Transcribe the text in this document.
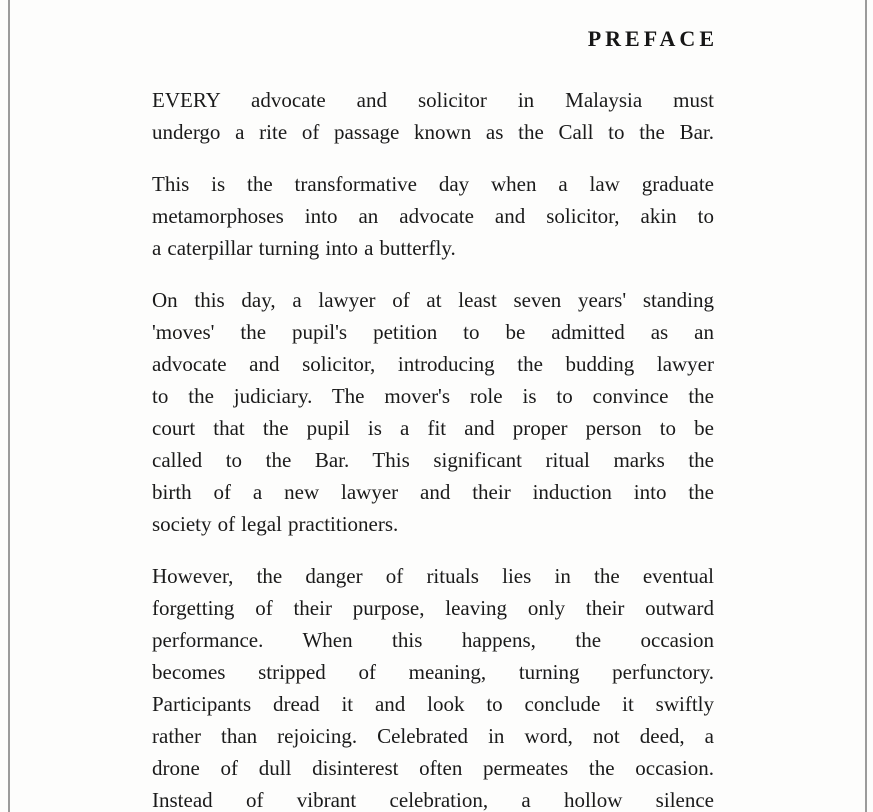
PREFACE
EVERY advocate and solicitor in Malaysia must
undergo a rite of passage known as the Call to the Bar.
This is the transformative day when a law graduate
metamorphoses into an advocate and solicitor, akin to
a caterpillar turning into a butterfly.
On this day, a lawyer of at least seven years' standing
'moves' the pupil's petition to be admitted as an
advocate and solicitor, introducing the budding lawyer
to the judiciary. The mover's role is to convince the
court that the pupil is a fit and proper person to be
called to the Bar. This significant ritual marks the
birth of a new lawyer and their induction into the
society of legal practitioners.
However, the danger of rituals lies in the eventual
forgetting of their purpose, leaving only their outward
performance. When this happens, the occasion
becomes stripped of meaning, turning perfunctory.
Participants dread it and look to conclude it swiftly
rather than rejoicing. Celebrated in word, not deed, a
drone of dull disinterest often permeates the occasion.
Instead of vibrant celebration, a hollow silence
